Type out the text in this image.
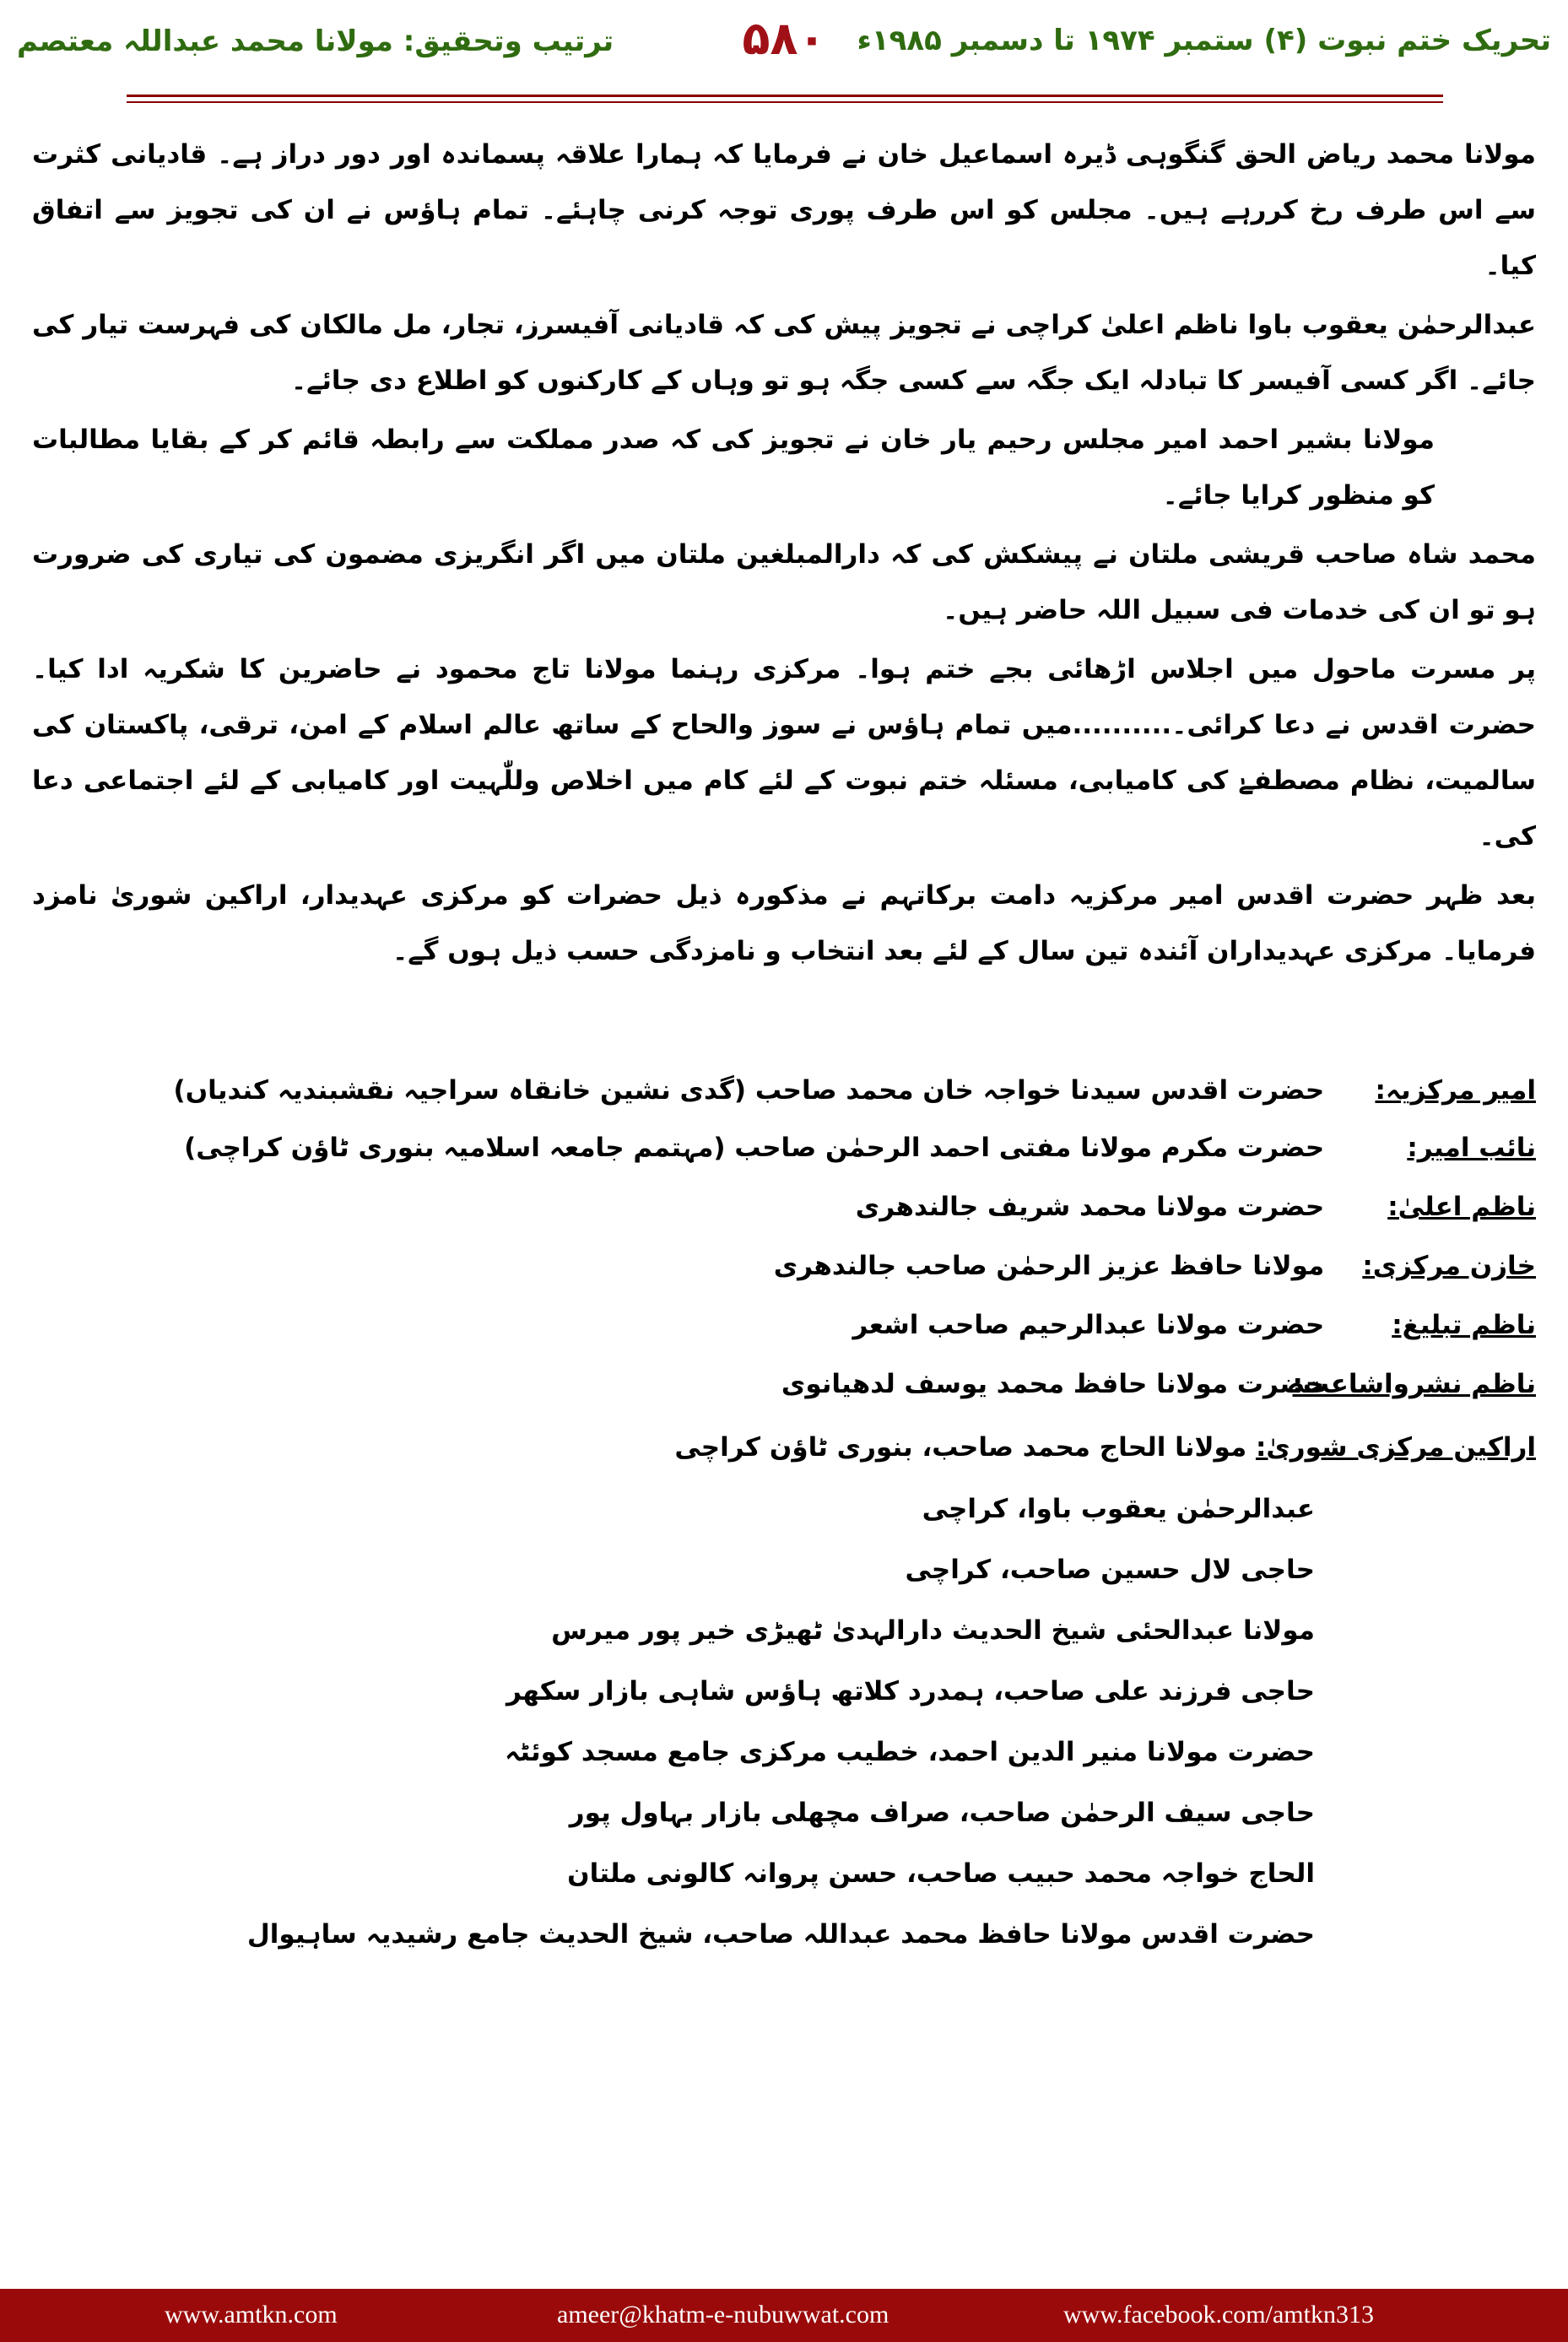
تحریک ختم نبوت (۴) ستمبر ۱۹۷۴ تا دسمبر ۱۹۸۵ء
۵۸۰
ترتیب وتحقیق: مولانا محمد عبداللہ معتصم

مولانا محمد ریاض الحق گنگوہی ڈیرہ اسماعیل خان نے فرمایا کہ ہمارا علاقہ پسماندہ اور دور دراز ہے۔ قادیانی کثرت سے اس طرف رخ کررہے ہیں۔ مجلس کو اس طرف پوری توجہ کرنی چاہئے۔ تمام ہاؤس نے ان کی تجویز سے اتفاق کیا۔

عبدالرحمٰن یعقوب باوا ناظم اعلیٰ کراچی نے تجویز پیش کی کہ قادیانی آفیسرز، تجار، مل مالکان کی فہرست تیار کی جائے۔ اگر کسی آفیسر کا تبادلہ ایک جگہ سے کسی جگہ ہو تو وہاں کے کارکنوں کو اطلاع دی جائے۔

مولانا بشیر احمد امیر مجلس رحیم یار خان نے تجویز کی کہ صدر مملکت سے رابطہ قائم کر کے بقایا مطالبات کو منظور کرایا جائے۔

محمد شاہ صاحب قریشی ملتان نے پیشکش کی کہ دارالمبلغین ملتان میں اگر انگریزی مضمون کی تیاری کی ضرورت ہو تو ان کی خدمات فی سبیل اللہ حاضر ہیں۔

پر مسرت ماحول میں اجلاس اڑھائی بجے ختم ہوا۔ مرکزی رہنما مولانا تاج محمود نے حاضرین کا شکریہ ادا کیا۔ حضرت اقدس نے دعا کرائی۔..........میں تمام ہاؤس نے سوز والحاح کے ساتھ عالم اسلام کے امن، ترقی، پاکستان کی سالمیت، نظام مصطفےٰ کی کامیابی، مسئلہ ختم نبوت کے لئے کام میں اخلاص وللّٰہیت اور کامیابی کے لئے اجتماعی دعا کی۔

بعد ظہر حضرت اقدس امیر مرکزیہ دامت برکاتہم نے مذکورہ ذیل حضرات کو مرکزی عہدیدار، اراکین شوریٰ نامزد فرمایا۔ مرکزی عہدیداران آئندہ تین سال کے لئے بعد انتخاب و نامزدگی حسب ذیل ہوں گے۔

امیر مرکزیہ: حضرت اقدس سیدنا خواجہ خان محمد صاحب (گدی نشین خانقاہ سراجیہ نقشبندیہ کندیاں)
نائب امیر: حضرت مکرم مولانا مفتی احمد الرحمٰن صاحب (مہتمم جامعہ اسلامیہ بنوری ٹاؤن کراچی)
ناظم اعلیٰ: حضرت مولانا محمد شریف جالندھری
خازن مرکزی: مولانا حافظ عزیز الرحمٰن صاحب جالندھری
ناظم تبلیغ: حضرت مولانا عبدالرحیم صاحب اشعر
ناظم نشرواشاعت: حضرت مولانا حافظ محمد یوسف لدھیانوی
اراکین مرکزی شوریٰ: مولانا الحاج محمد صاحب، بنوری ٹاؤن کراچی
عبدالرحمٰن یعقوب باوا، کراچی
حاجی لال حسین صاحب، کراچی
مولانا عبدالحئی شیخ الحدیث دارالہدیٰ ٹھیڑی خیر پور میرس
حاجی فرزند علی صاحب، ہمدرد کلاتھ ہاؤس شاہی بازار سکھر
حضرت مولانا منیر الدین احمد، خطیب مرکزی جامع مسجد کوئٹہ
حاجی سیف الرحمٰن صاحب، صراف مچھلی بازار بہاول پور
الحاج خواجہ محمد حبیب صاحب، حسن پروانہ کالونی ملتان
حضرت اقدس مولانا حافظ محمد عبداللہ صاحب، شیخ الحدیث جامع رشیدیہ ساہیوال
www.amtkn.com	ameer@khatm-e-nubuwwat.com	www.facebook.com/amtkn313
